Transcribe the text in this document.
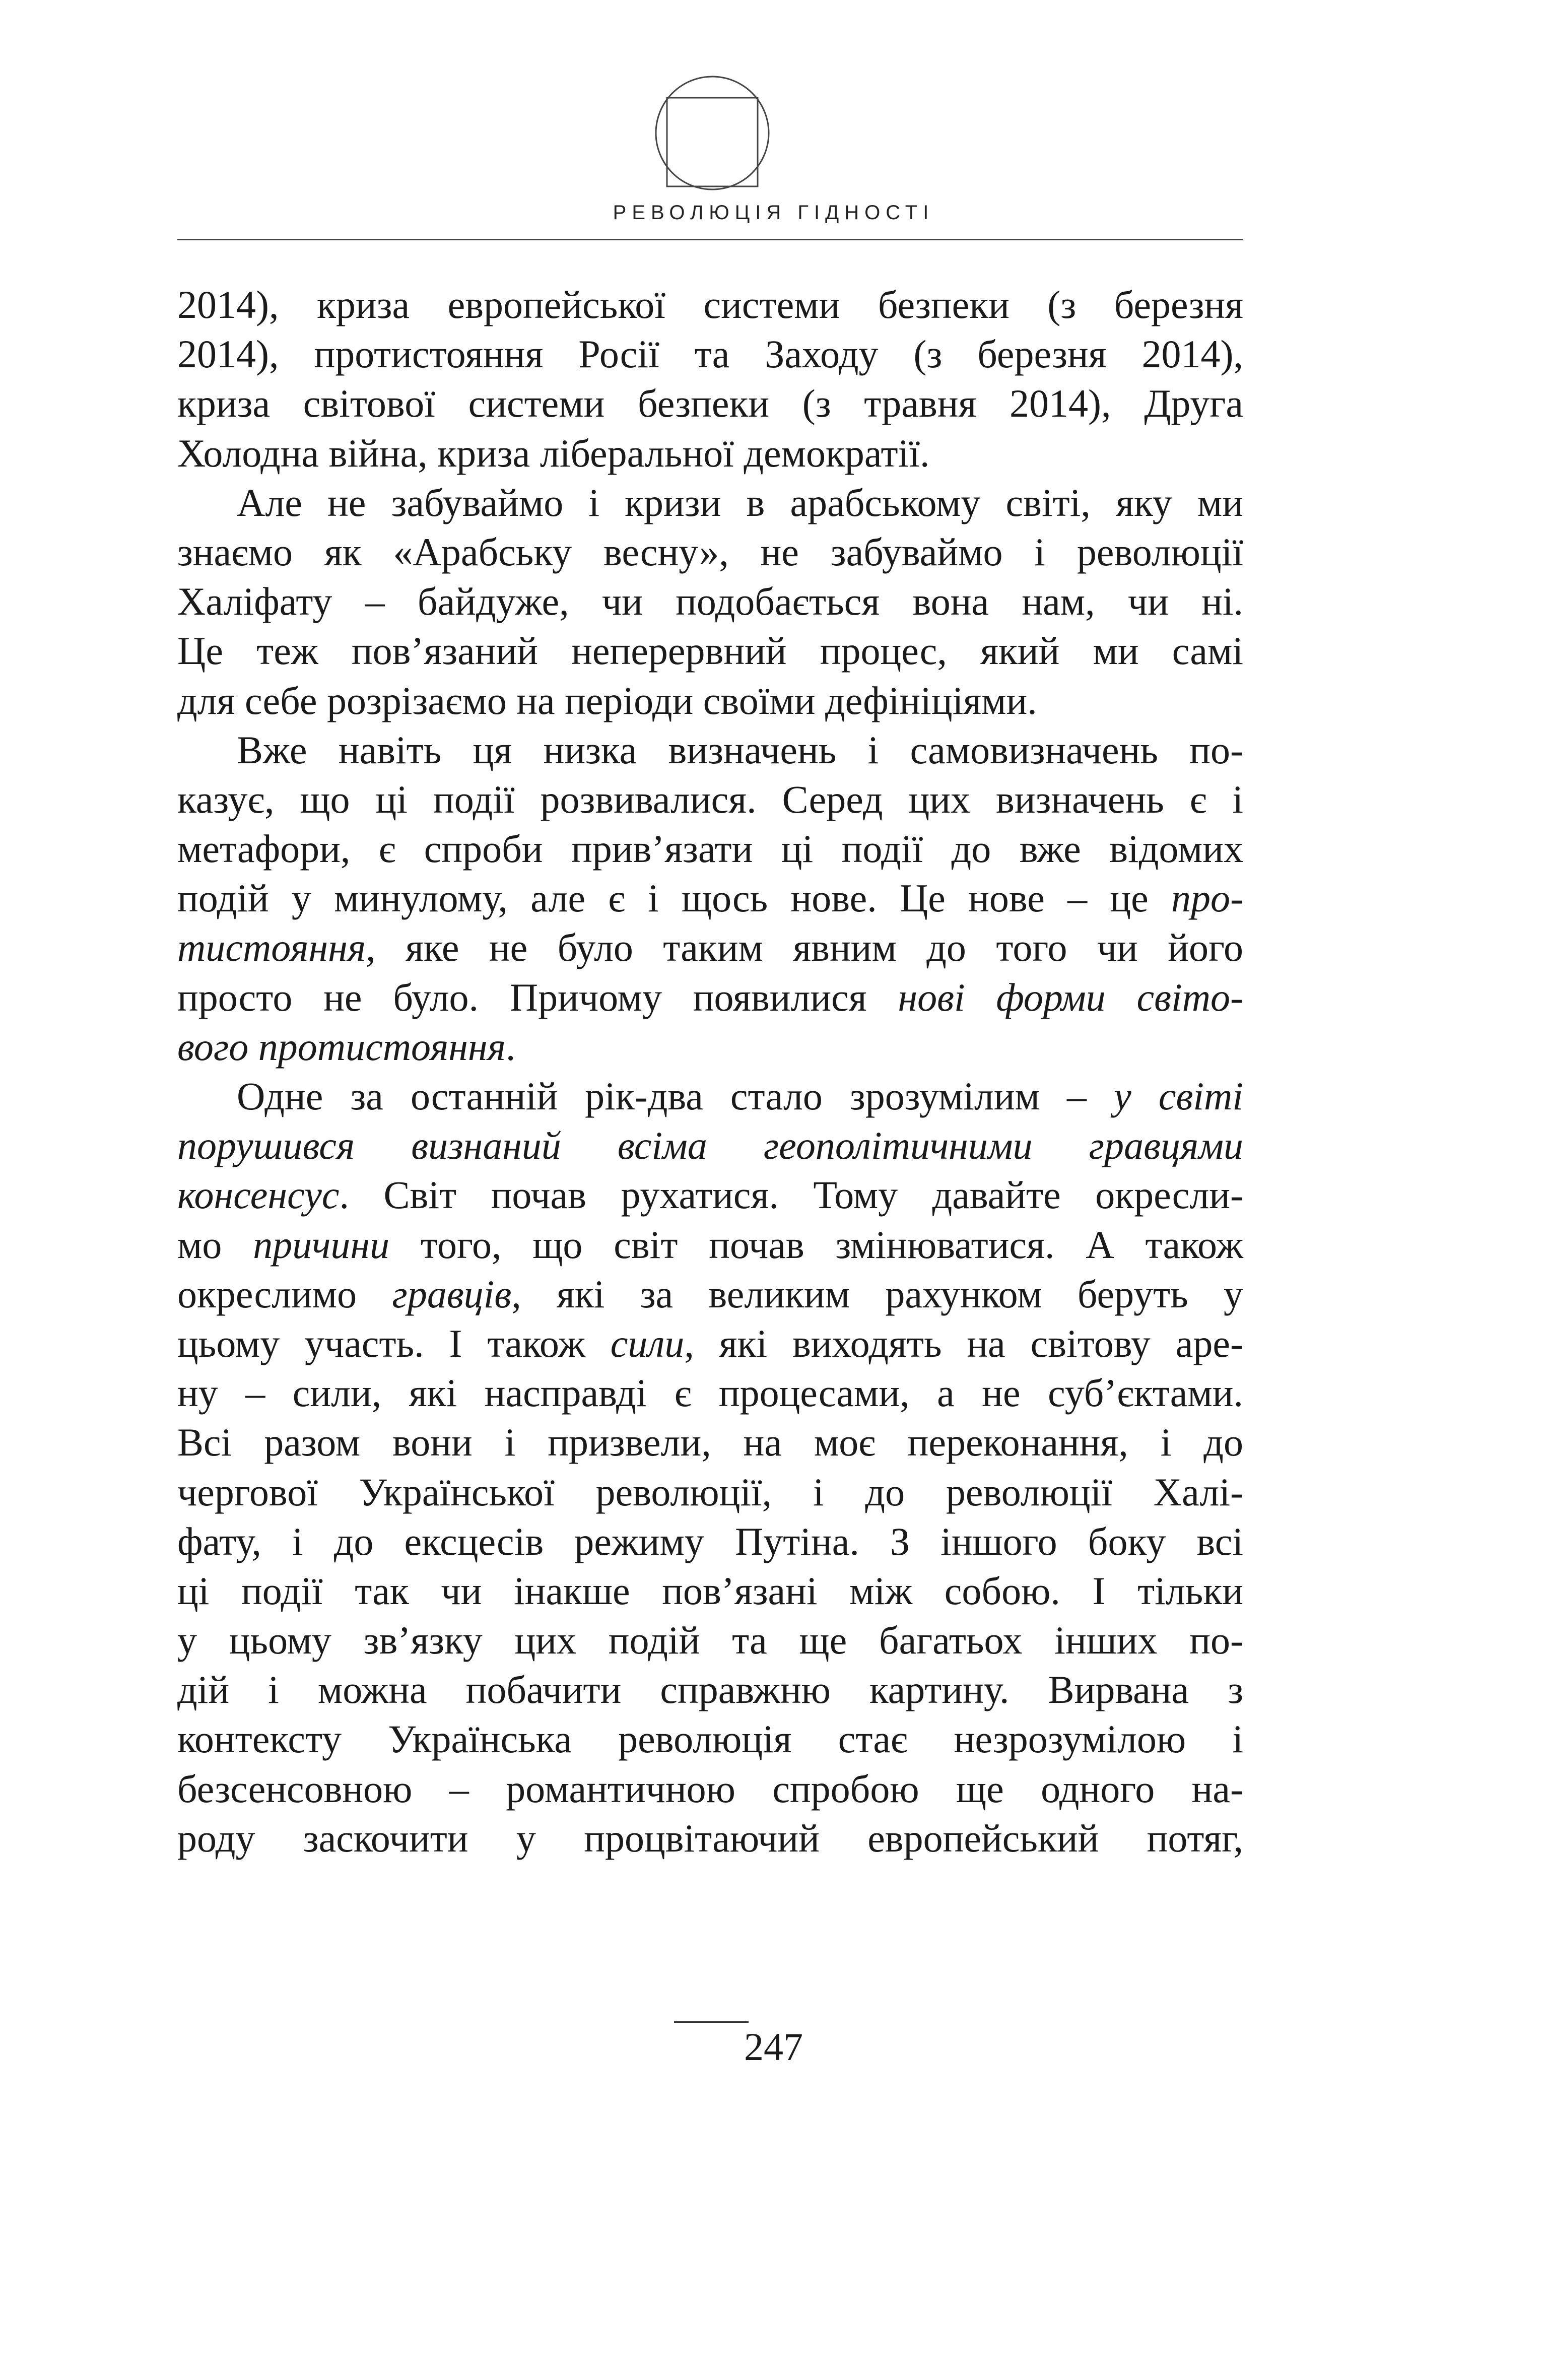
РЕВОЛЮЦІЯ ГІДНОСТІ
2014), криза европейської системи безпеки (з березня
2014), протистояння Росії та Заходу (з березня 2014),
криза світової системи безпеки (з травня 2014), Друга
Холодна війна, криза ліберальної демократії.
Але не забуваймо і кризи в арабському світі, яку ми
знаємо як «Арабську весну», не забуваймо і революції
Халіфату – байдуже, чи подобається вона нам, чи ні.
Це теж пов’язаний неперервний процес, який ми самі
для себе розрізаємо на періоди своїми дефініціями.
Вже навіть ця низка визначень і самовизначень по-
казує, що ці події розвивалися. Серед цих визначень є і
метафори, є спроби прив’язати ці події до вже відомих
подій у минулому, але є і щось нове. Це нове – це про-
тистояння, яке не було таким явним до того чи його
просто не було. Причому появилися нові форми світо-
вого протистояння.
Одне за останній рік-два стало зрозумілим – у світі
порушився визнаний всіма геополітичними гравцями
консенсус. Світ почав рухатися. Тому давайте окресли-
мо причини того, що світ почав змінюватися. А також
окреслимо гравців, які за великим рахунком беруть у
цьому участь. І також сили, які виходять на світову аре-
ну – сили, які насправді є процесами, а не суб’єктами.
Всі разом вони і призвели, на моє переконання, і до
чергової Української революції, і до революції Халі-
фату, і до ексцесів режиму Путіна. З іншого боку всі
ці події так чи інакше пов’язані між собою. І тільки
у цьому зв’язку цих подій та ще багатьох інших по-
дій і можна побачити справжню картину. Вирвана з
контексту Українська революція стає незрозумілою і
безсенсовною – романтичною спробою ще одного на-
роду заскочити у процвітаючий европейський потяг,
247
